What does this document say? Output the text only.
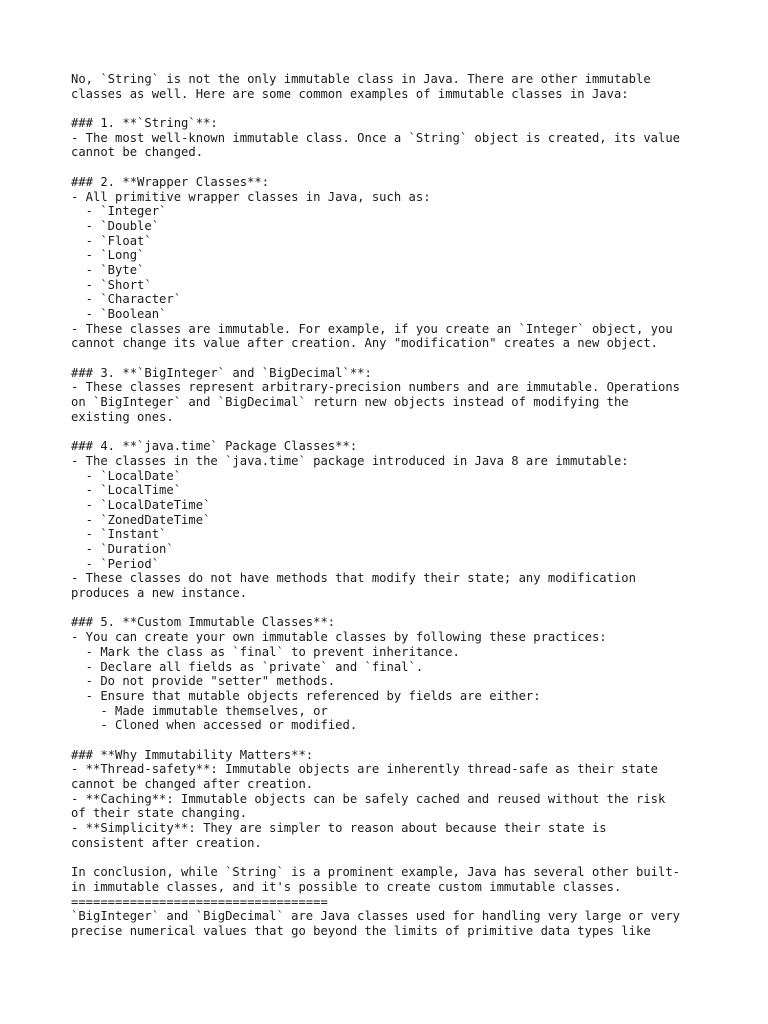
No, `String` is not the only immutable class in Java. There are other immutable
classes as well. Here are some common examples of immutable classes in Java:
### 1. **`String`**:
- The most well-known immutable class. Once a `String` object is created, its value
cannot be changed.
### 2. **Wrapper Classes**:
- All primitive wrapper classes in Java, such as:
- `Integer`
- `Double`
- `Float`
- `Long`
- `Byte`
- `Short`
- `Character`
- `Boolean`
- These classes are immutable. For example, if you create an `Integer` object, you
cannot change its value after creation. Any "modification" creates a new object.
### 3. **`BigInteger` and `BigDecimal`**:
- These classes represent arbitrary-precision numbers and are immutable. Operations
on `BigInteger` and `BigDecimal` return new objects instead of modifying the
existing ones.
### 4. **`java.time` Package Classes**:
- The classes in the `java.time` package introduced in Java 8 are immutable:
- `LocalDate`
- `LocalTime`
- `LocalDateTime`
- `ZonedDateTime`
- `Instant`
- `Duration`
- `Period`
- These classes do not have methods that modify their state; any modification
produces a new instance.
### 5. **Custom Immutable Classes**:
- You can create your own immutable classes by following these practices:
- Mark the class as `final` to prevent inheritance.
- Declare all fields as `private` and `final`.
- Do not provide "setter" methods.
- Ensure that mutable objects referenced by fields are either:
- Made immutable themselves, or
- Cloned when accessed or modified.
### **Why Immutability Matters**:
- **Thread-safety**: Immutable objects are inherently thread-safe as their state
cannot be changed after creation.
- **Caching**: Immutable objects can be safely cached and reused without the risk
of their state changing.
- **Simplicity**: They are simpler to reason about because their state is
consistent after creation.
In conclusion, while `String` is a prominent example, Java has several other built-
in immutable classes, and it's possible to create custom immutable classes.
===================================
`BigInteger` and `BigDecimal` are Java classes used for handling very large or very
precise numerical values that go beyond the limits of primitive data types like
